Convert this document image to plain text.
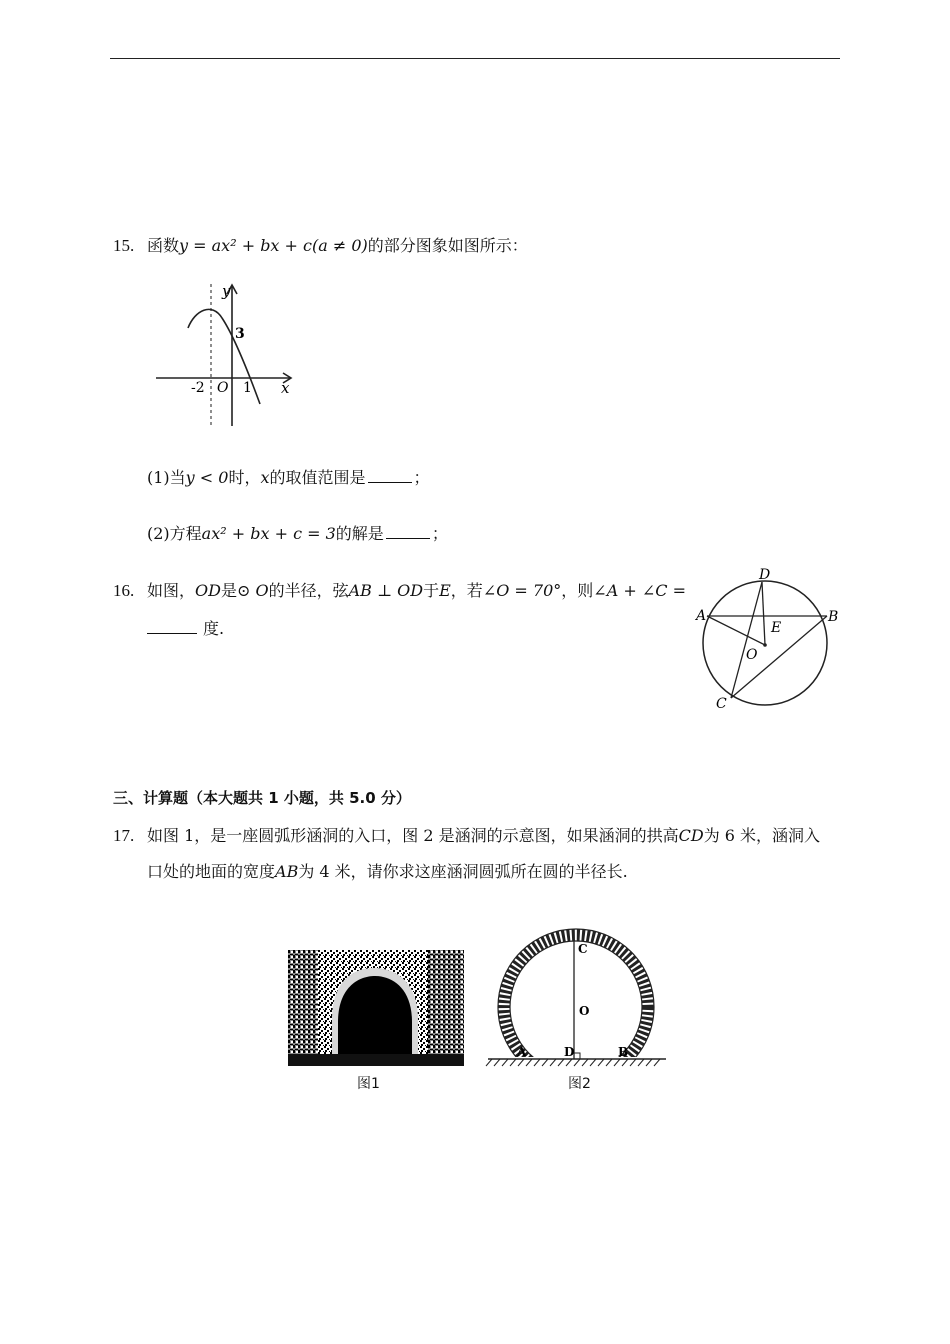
15. 函数y = ax² + bx + c(a ≠ 0)的部分图象如图所示：
y
x
3
-2 O 1
(1)当y < 0时，x的取值范围是	；
(2)方程ax² + bx + c = 3的解是	；
16. 如图，OD是⊙ O的半径，弦AB ⊥ OD于E，若∠O = 70°，则∠A + ∠C =
度.
D
A	B
E
O
C
三、计算题（本大题共 1 小题，共 5.0 分）
17. 如图 1，是一座圆弧形涵洞的入口，图 2 是涵洞的示意图，如果涵洞的拱高CD为 6 米，涵洞入
口处的地面的宽度AB为 4 米，请你求这座涵洞圆弧所在圆的半径长.
图1
C
O
A	D	B
图2
